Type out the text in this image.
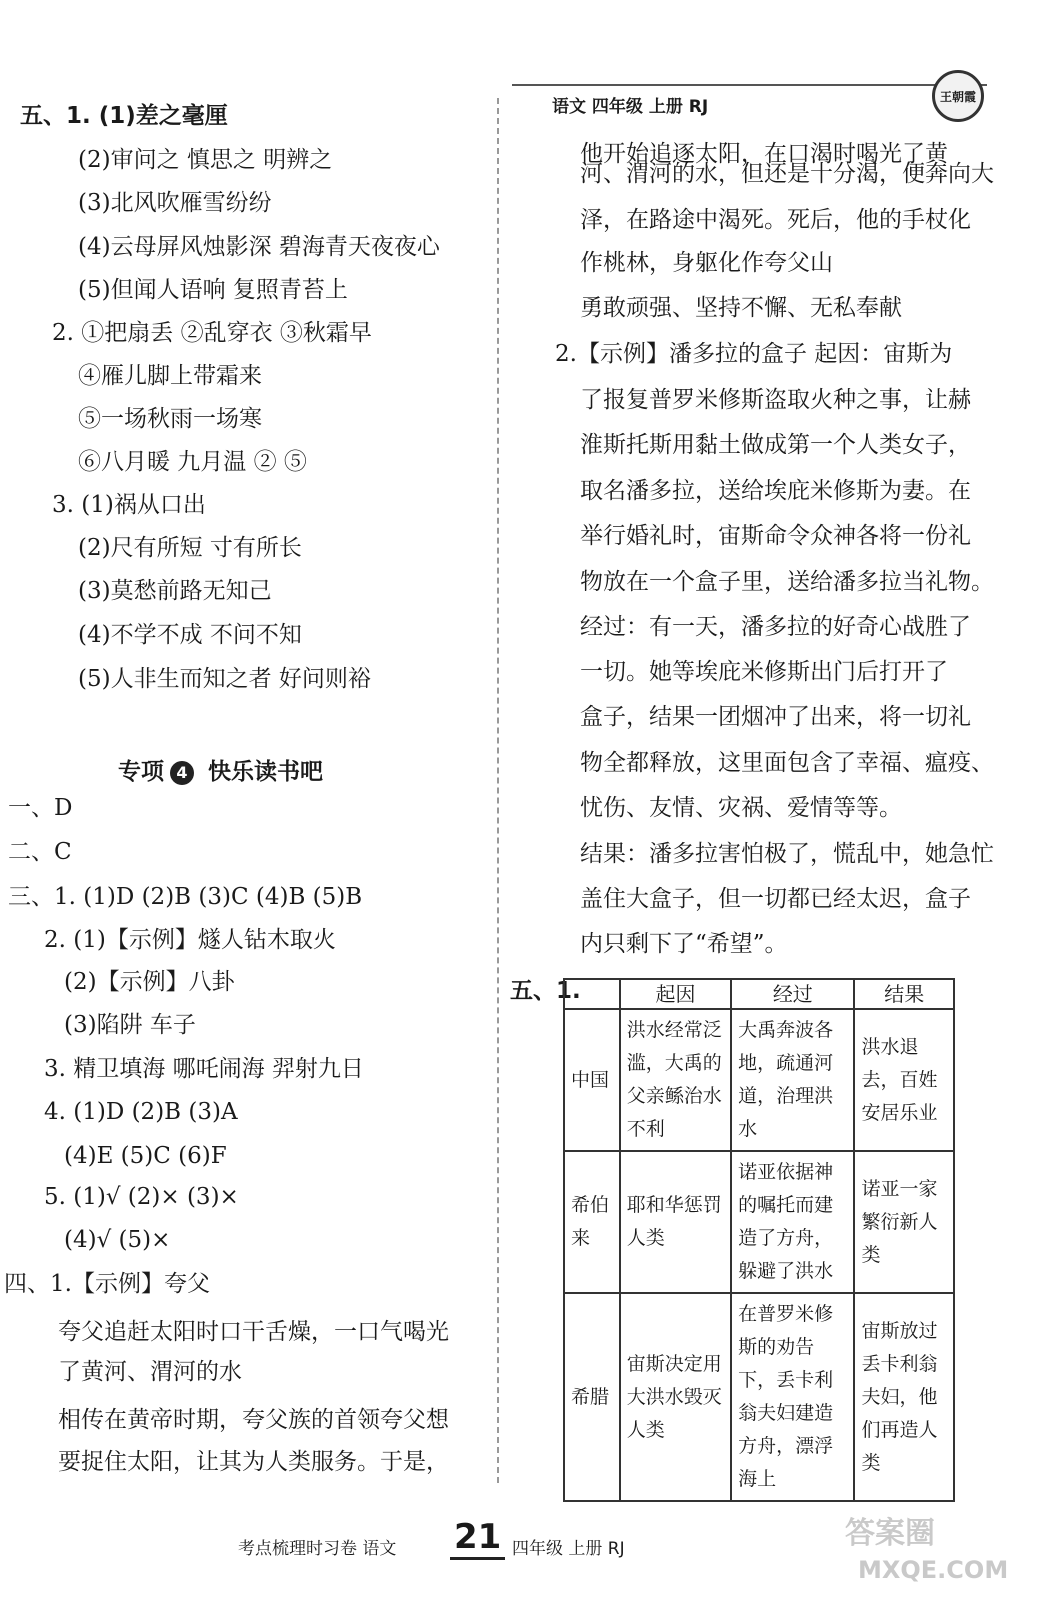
语文 四年级 上册 RJ
王朝霞
五、1. (1)差之毫厘
(2)审问之 慎思之 明辨之
(3)北风吹雁雪纷纷
(4)云母屏风烛影深 碧海青天夜夜心
(5)但闻人语响 复照青苔上
2. ①把扇丢 ②乱穿衣 ③秋霜早
④雁儿脚上带霜来
⑤一场秋雨一场寒
⑥八月暖 九月温 ② ⑤
3. (1)祸从口出
(2)尺有所短 寸有所长
(3)莫愁前路无知己
(4)不学不成 不问不知
(5)人非生而知之者 好问则裕
专项 4 快乐读书吧
一、D
二、C
三、1. (1)D (2)B (3)C (4)B (5)B
2. (1)【示例】燧人钻木取火
(2)【示例】八卦
(3)陷阱 车子
3. 精卫填海 哪吒闹海 羿射九日
4. (1)D (2)B (3)A
(4)E (5)C (6)F
5. (1)√ (2)× (3)×
(4)√ (5)×
四、1.【示例】夸父
夸父追赶太阳时口干舌燥，一口气喝光
了黄河、渭河的水
相传在黄帝时期，夸父族的首领夸父想
要捉住太阳，让其为人类服务。于是，
他开始追逐太阳，在口渴时喝光了黄
河、渭河的水，但还是十分渴，便奔向大
泽，在路途中渴死。死后，他的手杖化
作桃林，身躯化作夸父山
勇敢顽强、坚持不懈、无私奉献
2.【示例】潘多拉的盒子 起因：宙斯为
了报复普罗米修斯盗取火种之事，让赫
淮斯托斯用黏土做成第一个人类女子，
取名潘多拉，送给埃庇米修斯为妻。在
举行婚礼时，宙斯命令众神各将一份礼
物放在一个盒子里，送给潘多拉当礼物。
经过：有一天，潘多拉的好奇心战胜了
一切。她等埃庇米修斯出门后打开了
盒子，结果一团烟冲了出来，将一切礼
物全都释放，这里面包含了幸福、瘟疫、
忧伤、友情、灾祸、爱情等等。
结果：潘多拉害怕极了，慌乱中，她急忙
盖住大盒子，但一切都已经太迟，盒子
内只剩下了“希望”。
五、1.
		起因	经过	结果
中国	洪水经常泛滥，大禹的父亲鲧治水不利	大禹奔波各地，疏通河道，治理洪水	洪水退去，百姓安居乐业
希伯来	耶和华惩罚人类	诺亚依据神的嘱托而建造了方舟，躲避了洪水	诺亚一家繁衍新人类
希腊	宙斯决定用大洪水毁灭人类	在普罗米修斯的劝告下，丢卡利翁夫妇建造方舟，漂浮海上	宙斯放过丢卡利翁夫妇，他们再造人类
考点梳理时习卷 语文 21 四年级 上册 RJ	答案圈
MXQE.COM
